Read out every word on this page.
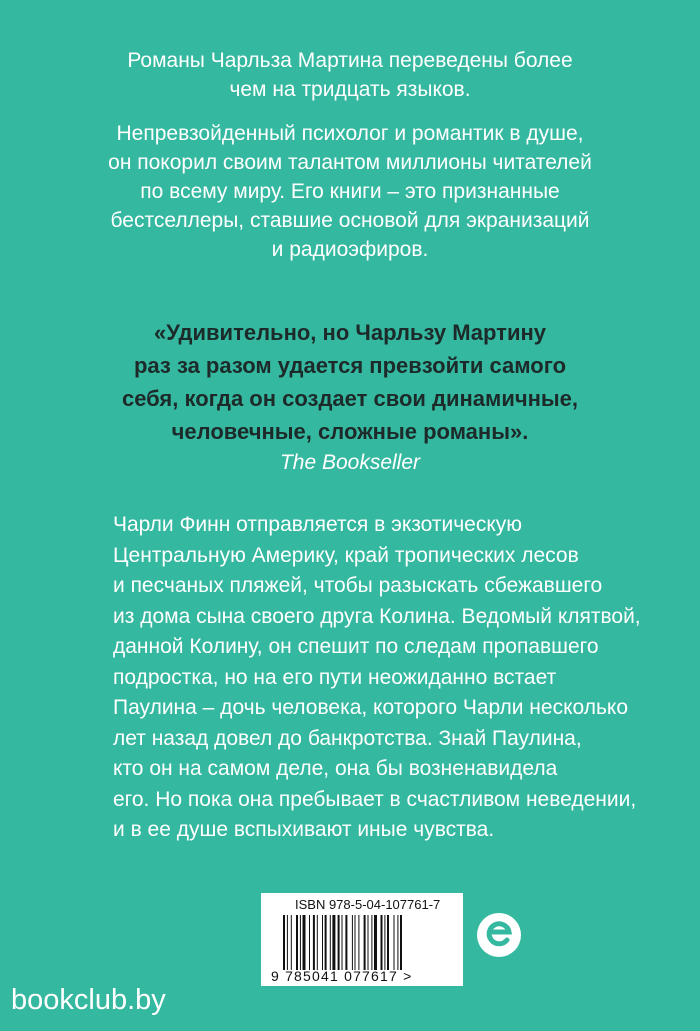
Романы Чарльза Мартина переведены более
чем на тридцать языков.
Непревзойденный психолог и романтик в душе,
он покорил своим талантом миллионы читателей
по всему миру. Его книги – это признанные
бестселлеры, ставшие основой для экранизаций
и радиоэфиров.
«Удивительно, но Чарльзу Мартину
раз за разом удается превзойти самого
себя, когда он создает свои динамичные,
человечные, сложные романы».
The Bookseller
Чарли Финн отправляется в экзотическую
Центральную Америку, край тропических лесов
и песчаных пляжей, чтобы разыскать сбежавшего
из дома сына своего друга Колина. Ведомый клятвой,
данной Колину, он спешит по следам пропавшего
подростка, но на его пути неожиданно встает
Паулина – дочь человека, которого Чарли несколько
лет назад довел до банкротства. Знай Паулина,
кто он на самом деле, она бы возненавидела
его. Но пока она пребывает в счастливом неведении,
и в ее душе вспыхивают иные чувства.
ISBN 978-5-04-107761-7
9 785041 077617 >
bookclub.by
